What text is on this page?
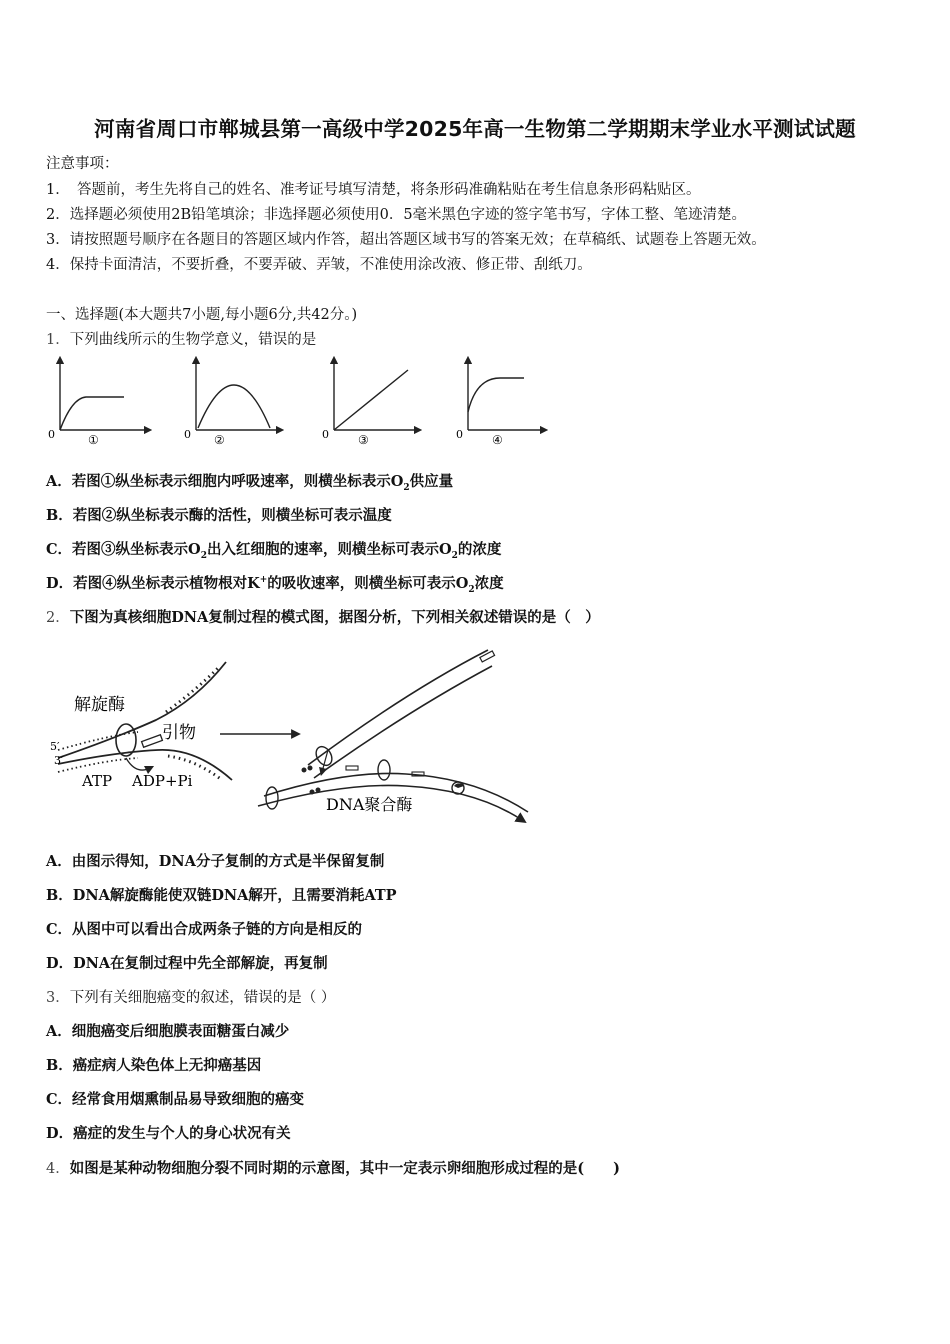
河南省周口市郸城县第一高级中学2025年高一生物第二学期期末学业水平测试试题
注意事项：
1．　答题前，考生先将自己的姓名、准考证号填写清楚，将条形码准确粘贴在考生信息条形码粘贴区。
2．选择题必须使用2B铅笔填涂；非选择题必须使用0．5毫米黑色字迹的签字笔书写，字体工整、笔迹清楚。
3．请按照题号顺序在各题目的答题区域内作答，超出答题区域书写的答案无效；在草稿纸、试题卷上答题无效。
4．保持卡面清洁，不要折叠，不要弄破、弄皱，不准使用涂改液、修正带、刮纸刀。
一、选择题(本大题共7小题,每小题6分,共42分。)
1．下列曲线所示的生物学意义，错误的是
0	①	0 ②	0 ③	0 ④
A．若图①纵坐标表示细胞内呼吸速率，则横坐标表示$O_2$供应量
B．若图②纵坐标表示酶的活性，则横坐标可表示温度
C．若图③纵坐标表示$O_2$出入红细胞的速率，则横坐标可表示$O_2$的浓度
D．若图④纵坐标表示植物根对K+的吸收速率，则横坐标可表示$O_2$浓度
2．下图为真核细胞DNA复制过程的模式图，据图分析，下列相关叙述错误的是（　）
解旋酶
引物
5′
3′
ATP ADP+Pi
DNA聚合酶
A．由图示得知，DNA分子复制的方式是半保留复制
B．DNA解旋酶能使双链DNA解开，且需要消耗ATP
C．从图中可以看出合成两条子链的方向是相反的
D．DNA在复制过程中先全部解旋，再复制
3．下列有关细胞癌变的叙述，错误的是（ ）
A．细胞癌变后细胞膜表面糖蛋白减少
B．癌症病人染色体上无抑癌基因
C．经常食用烟熏制品易导致细胞的癌变
D．癌症的发生与个人的身心状况有关
4．如图是某种动物细胞分裂不同时期的示意图，其中一定表示卵细胞形成过程的是(　　)
